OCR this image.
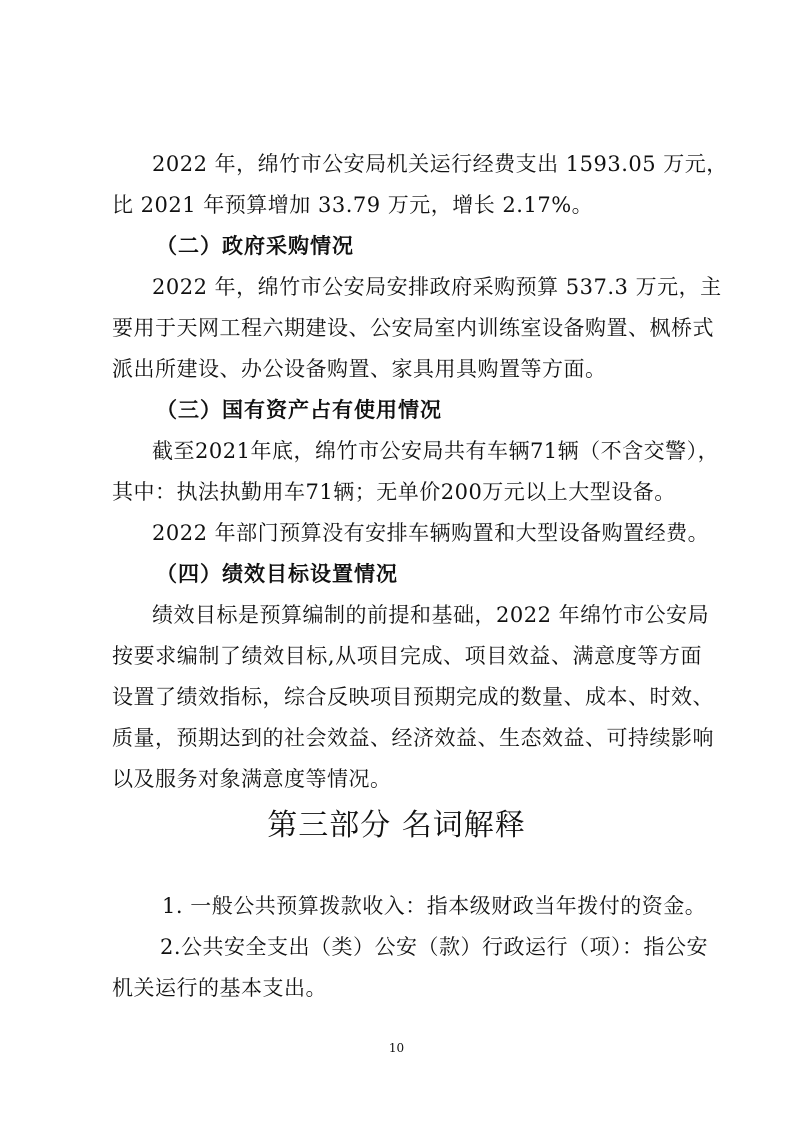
2022 年，绵竹市公安局机关运行经费支出 1593.05 万元，
比 2021 年预算增加 33.79 万元，增长 2.17%。
（二）政府采购情况
2022 年，绵竹市公安局安排政府采购预算 537.3 万元，主
要用于天网工程六期建设、公安局室内训练室设备购置、枫桥式
派出所建设、办公设备购置、家具用具购置等方面。
（三）国有资产占有使用情况
截至2021年底，绵竹市公安局共有车辆71辆（不含交警），
其中：执法执勤用车71辆；无单价200万元以上大型设备。
2022 年部门预算没有安排车辆购置和大型设备购置经费。
（四）绩效目标设置情况
绩效目标是预算编制的前提和基础，2022 年绵竹市公安局
按要求编制了绩效目标,从项目完成、项目效益、满意度等方面
设置了绩效指标，综合反映项目预期完成的数量、成本、时效、
质量，预期达到的社会效益、经济效益、生态效益、可持续影响
以及服务对象满意度等情况。
第三部分 名词解释
1. 一般公共预算拨款收入：指本级财政当年拨付的资金。
2.公共安全支出（类）公安（款）行政运行（项）：指公安
机关运行的基本支出。
10
